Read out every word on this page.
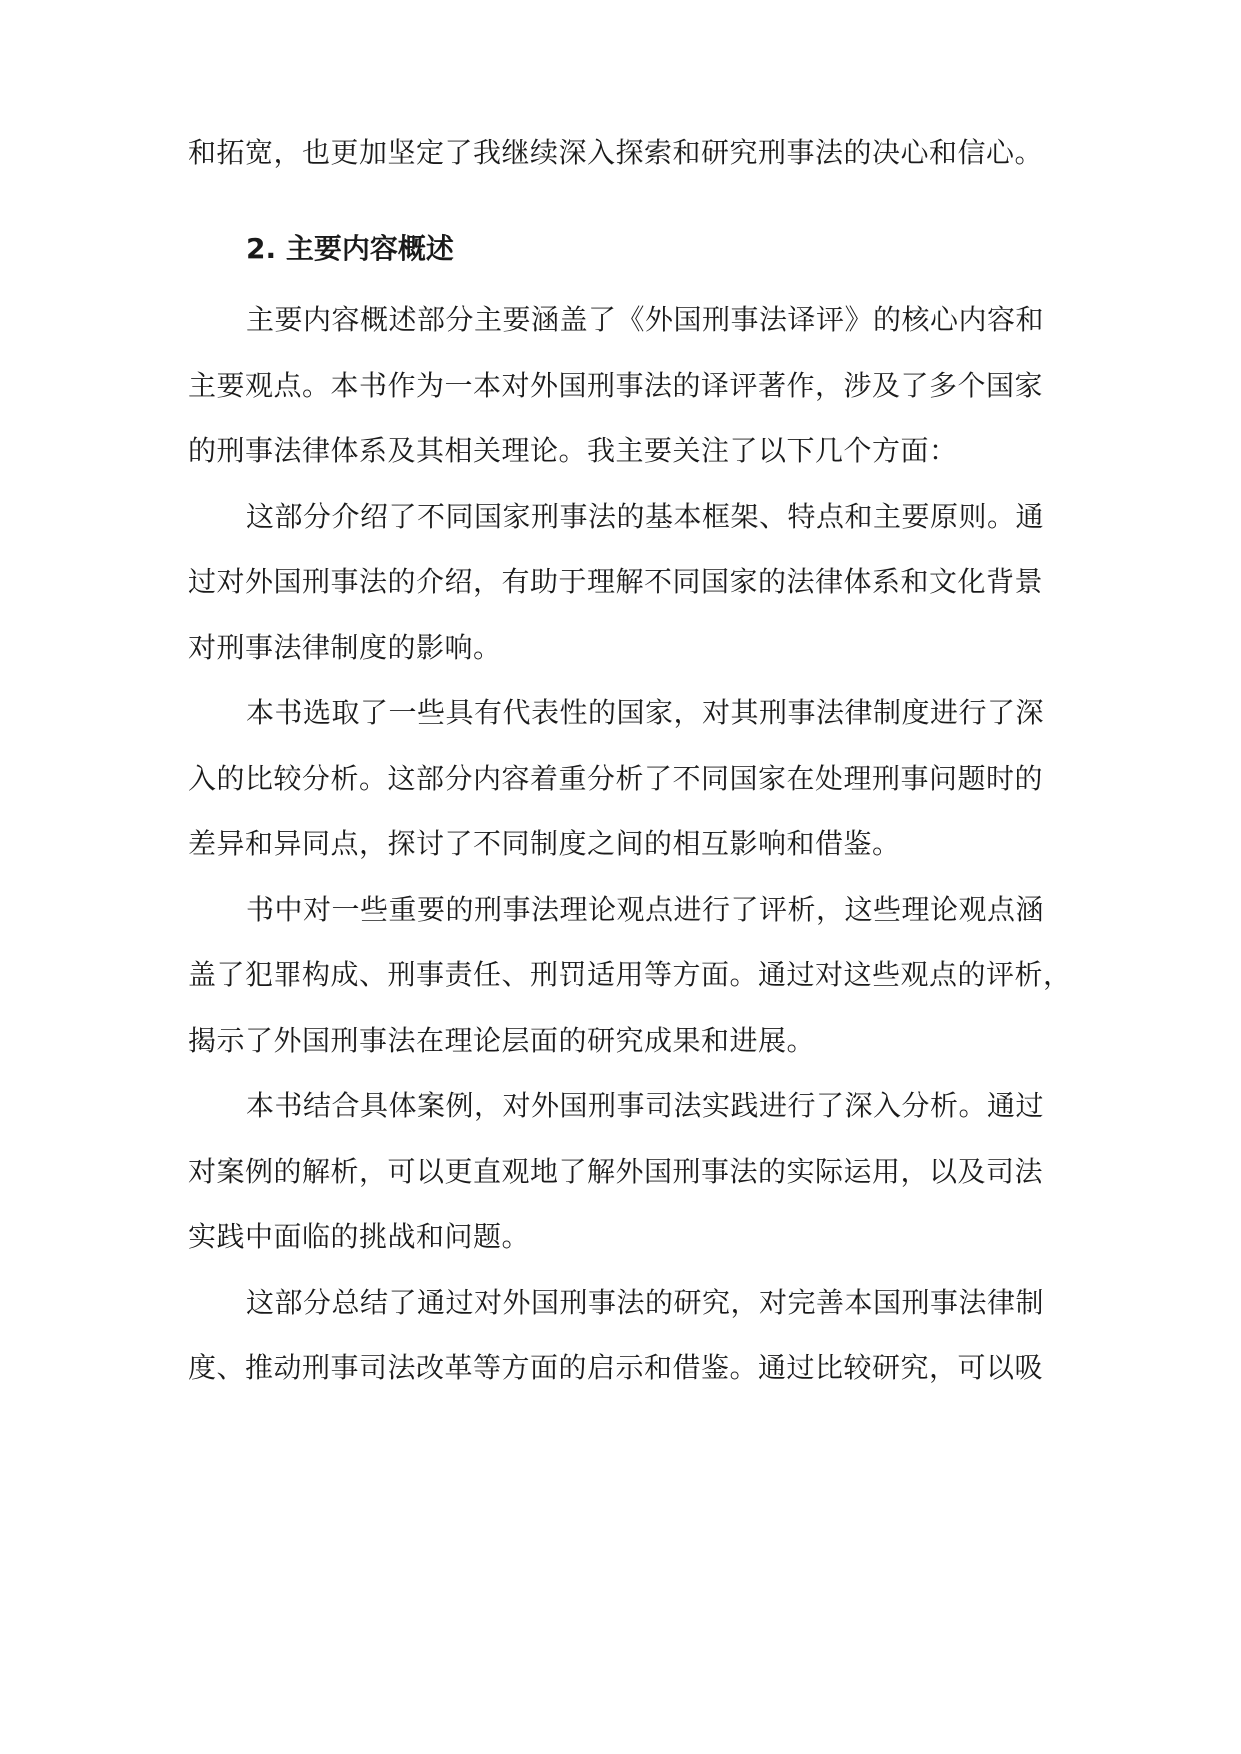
和拓宽，也更加坚定了我继续深入探索和研究刑事法的决心和信心。
2. 主要内容概述
主要内容概述部分主要涵盖了《外国刑事法译评》的核心内容和
主要观点。本书作为一本对外国刑事法的译评著作，涉及了多个国家
的刑事法律体系及其相关理论。我主要关注了以下几个方面：
这部分介绍了不同国家刑事法的基本框架、特点和主要原则。通
过对外国刑事法的介绍，有助于理解不同国家的法律体系和文化背景
对刑事法律制度的影响。
本书选取了一些具有代表性的国家，对其刑事法律制度进行了深
入的比较分析。这部分内容着重分析了不同国家在处理刑事问题时的
差异和异同点，探讨了不同制度之间的相互影响和借鉴。
书中对一些重要的刑事法理论观点进行了评析，这些理论观点涵
盖了犯罪构成、刑事责任、刑罚适用等方面。通过对这些观点的评析，
揭示了外国刑事法在理论层面的研究成果和进展。
本书结合具体案例，对外国刑事司法实践进行了深入分析。通过
对案例的解析，可以更直观地了解外国刑事法的实际运用，以及司法
实践中面临的挑战和问题。
这部分总结了通过对外国刑事法的研究，对完善本国刑事法律制
度、推动刑事司法改革等方面的启示和借鉴。通过比较研究，可以吸
